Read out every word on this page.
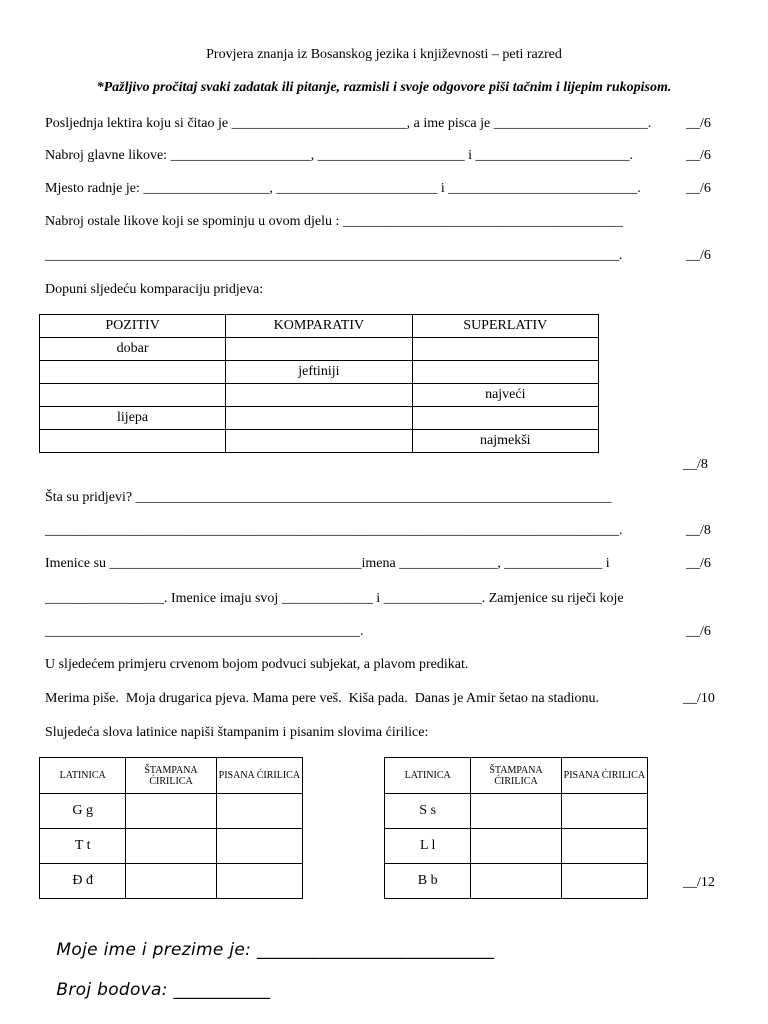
Provjera znanja iz Bosanskog jezika i književnosti – peti razred
*Pažljivo pročitaj svaki zadatak ili pitanje, razmisli i svoje odgovore piši tačnim i lijepim rukopisom.
Posljednja lektira koju si čitao je _________________________, a ime pisca je ______________________. __/6
Nabroj glavne likove: ____________________, _____________________ i ______________________.	__/6
Mjesto radnje je: __________________, _______________________ i ___________________________.	__/6
Nabroj ostale likove koji se spominju u ovom djelu : ________________________________________
__________________________________________________________________________________.	__/6
Dopuni sljedeću komparaciju pridjeva:
POZITIV	KOMPARATIV	SUPERLATIV
dobar		
	jeftiniji	
		najveći
lijepa		
		najmekši
__/8
Šta su pridjevi? ____________________________________________________________________
__________________________________________________________________________________.	__/8
Imenice su ____________________________________imena ______________, ______________ i	__/6
_________________. Imenice imaju svoj _____________ i ______________. Zamjenice su riječi koje
_____________________________________________.	__/6
U sljedećem primjeru crvenom bojom podvuci subjekat, a plavom predikat.
Merima piše.  Moja drugarica pjeva. Mama pere veš.  Kiša pada.  Danas je Amir šetao na stadionu.	__/10
Slujedeća slova latinice napiši štampanim i pisanim slovima ćirilice:
LATINICA	ŠTAMPANA ĆIRILICA	PISANA ĆIRILICA
G g		
T t		
Đ đ		
LATINICA	ŠTAMPANA ĆIRILICA	PISANA ĆIRILICA
S s		
L l		
B b			__/12

Moje ime i prezime je: ___________________________

Broj bodova: ___________
